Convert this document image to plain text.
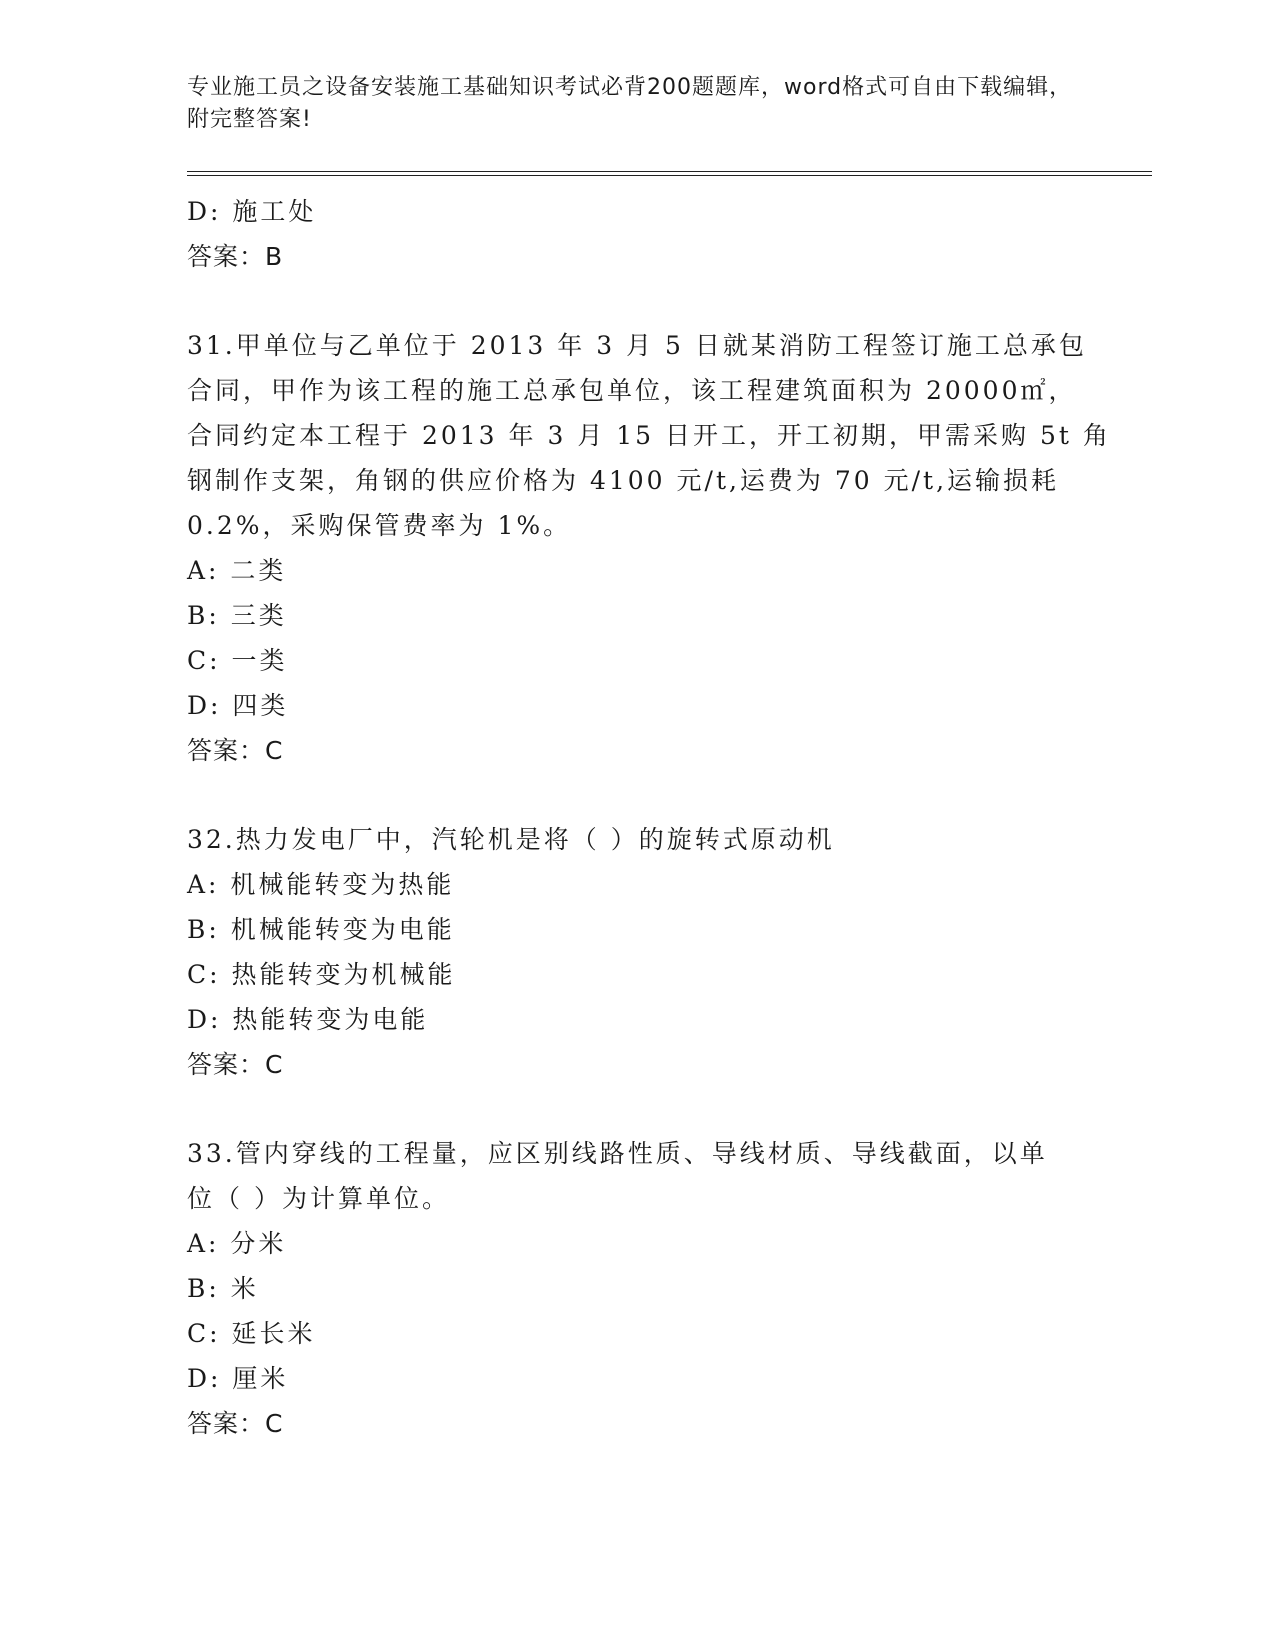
专业施工员之设备安装施工基础知识考试必背200题题库，word格式可自由下载编辑，附完整答案!
D: 施工处
答案：B
31.甲单位与乙单位于 2013 年 3 月 5 日就某消防工程签订施工总承包
合同，甲作为该工程的施工总承包单位，该工程建筑面积为 20000㎡，
合同约定本工程于 2013 年 3 月 15 日开工，开工初期，甲需采购 5t 角
钢制作支架，角钢的供应价格为 4100 元/t,运费为 70 元/t,运输损耗
0.2%，采购保管费率为 1%。
A: 二类
B: 三类
C: 一类
D: 四类
答案：C
32.热力发电厂中，汽轮机是将（ ）的旋转式原动机
A: 机械能转变为热能
B: 机械能转变为电能
C: 热能转变为机械能
D: 热能转变为电能
答案：C
33.管内穿线的工程量，应区别线路性质、导线材质、导线截面，以单
位（ ）为计算单位。
A: 分米
B: 米
C: 延长米
D: 厘米
答案：C
